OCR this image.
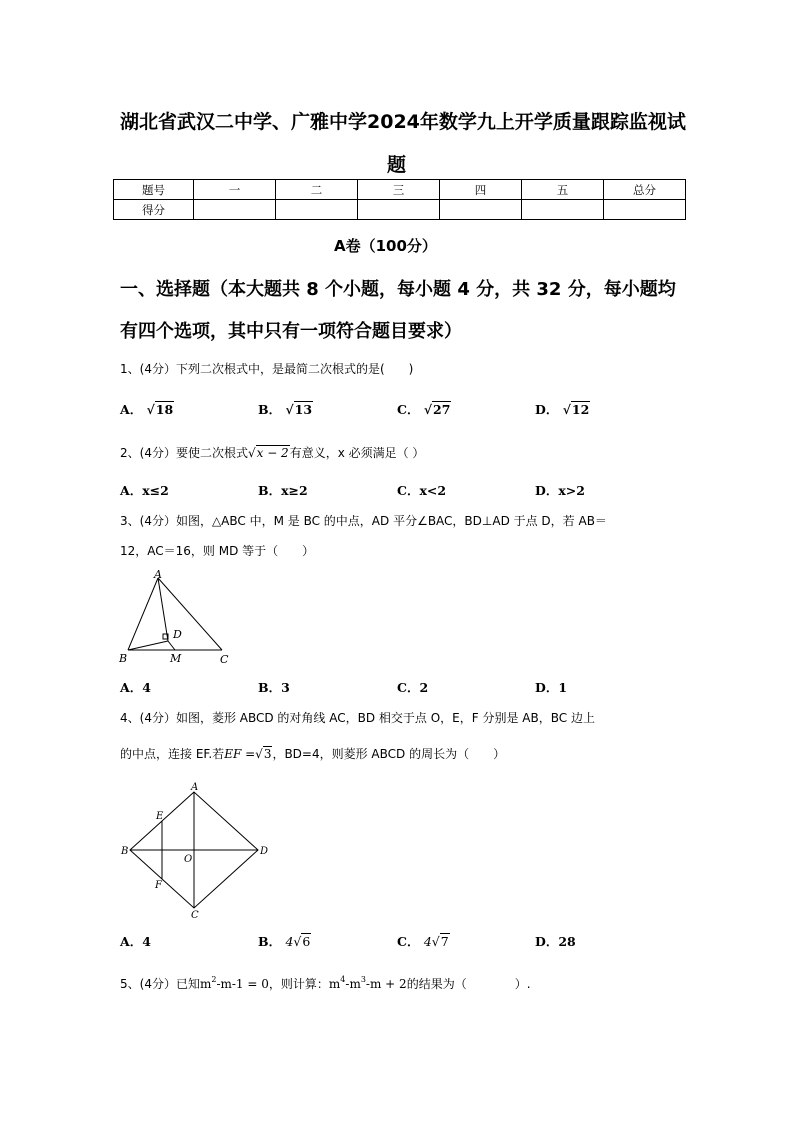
湖北省武汉二中学、广雅中学2024年数学九上开学质量跟踪监视试
题
题号	一	二	三	四	五	总分
得分						
A卷（100分）
一、选择题（本大题共 8 个小题，每小题 4 分，共 32 分，每小题均
有四个选项，其中只有一项符合题目要求）
1、(4分）下列二次根式中，是最简二次根式的是(　　)
A． √18	B． √13	C． √27	D． √12
2、(4分）要使二次根式√x − 2有意义，x 必须满足（ ）
A．x≤2	B．x≥2	C．x<2	D．x>2
3、(4分）如图，△ABC 中，M 是 BC 的中点，AD 平分∠BAC，BD⊥AD 于点 D，若 AB＝
12，AC＝16，则 MD 等于（　　）
A
B	C
D
M
A．4	B．3	C．2	D．1
4、(4分）如图，菱形 ABCD 的对角线 AC，BD 相交于点 O，E，F 分别是 AB，BC 边上
的中点，连接 EF.若EF =√3，BD=4，则菱形 ABCD 的周长为（　　）
A
B
C
D
E
F
O
A．4	B． 4√6	C． 4√7	D．28
5、(4分）已知$m^2-m-1 = 0$，则计算：$m^4-m^3-m + 2$的结果为（　　　　）.
